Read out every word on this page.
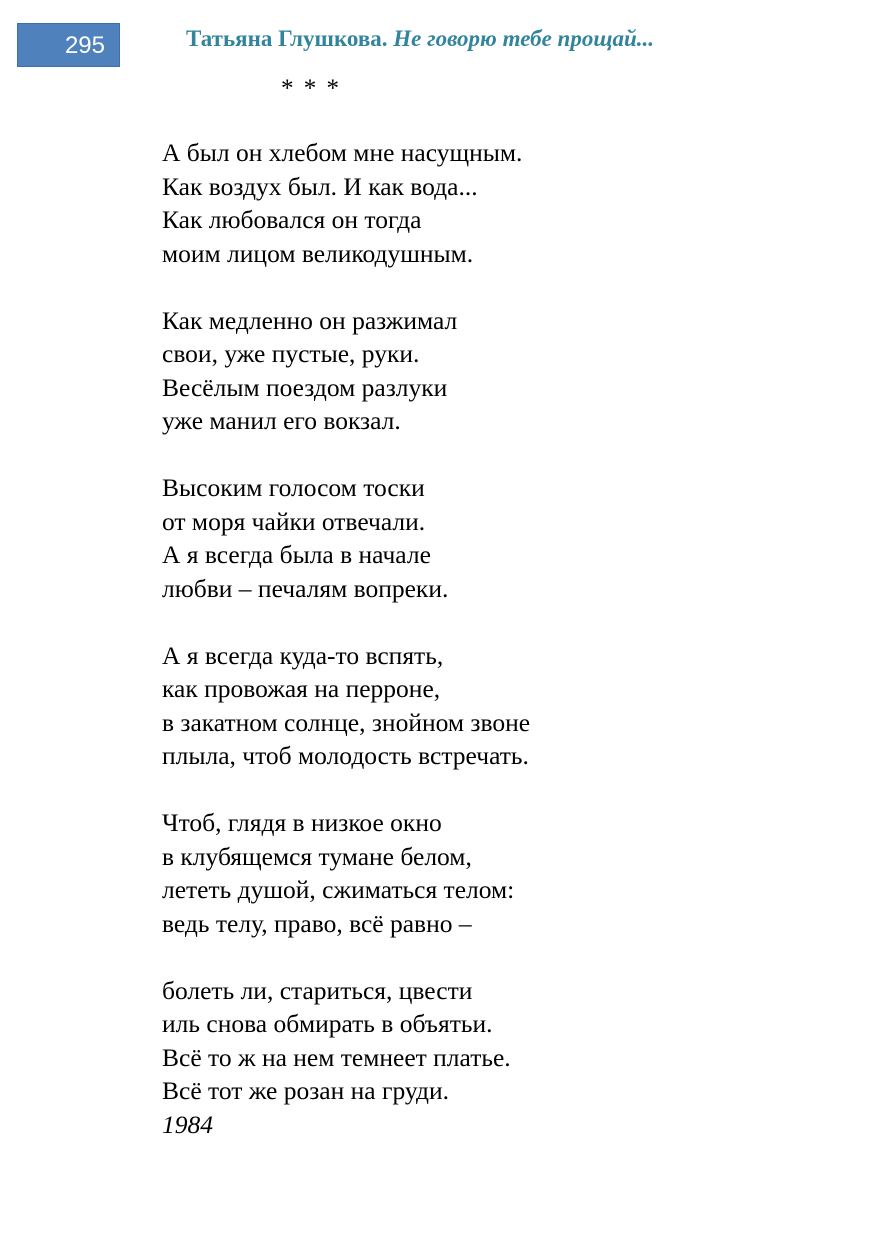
295	Татьяна Глушкова. Не говорю тебе прощай...
* * *
А был он хлебом мне насущным.
Как воздух был. И как вода...
Как любовался он тогда
моим лицом великодушным.
Как медленно он разжимал
свои, уже пустые, руки.
Весёлым поездом разлуки
уже манил его вокзал.
Высоким голосом тоски
от моря чайки отвечали.
А я всегда была в начале
любви – печалям вопреки.
А я всегда куда-то вспять,
как провожая на перроне,
в закатном солнце, знойном звоне
плыла, чтоб молодость встречать.
Чтоб, глядя в низкое окно
в клубящемся тумане белом,
лететь душой, сжиматься телом:
ведь телу, право, всё равно –
болеть ли, стариться, цвести
иль снова обмирать в объятьи.
Всё то ж на нем темнеет платье.
Всё тот же розан на груди.
1984
